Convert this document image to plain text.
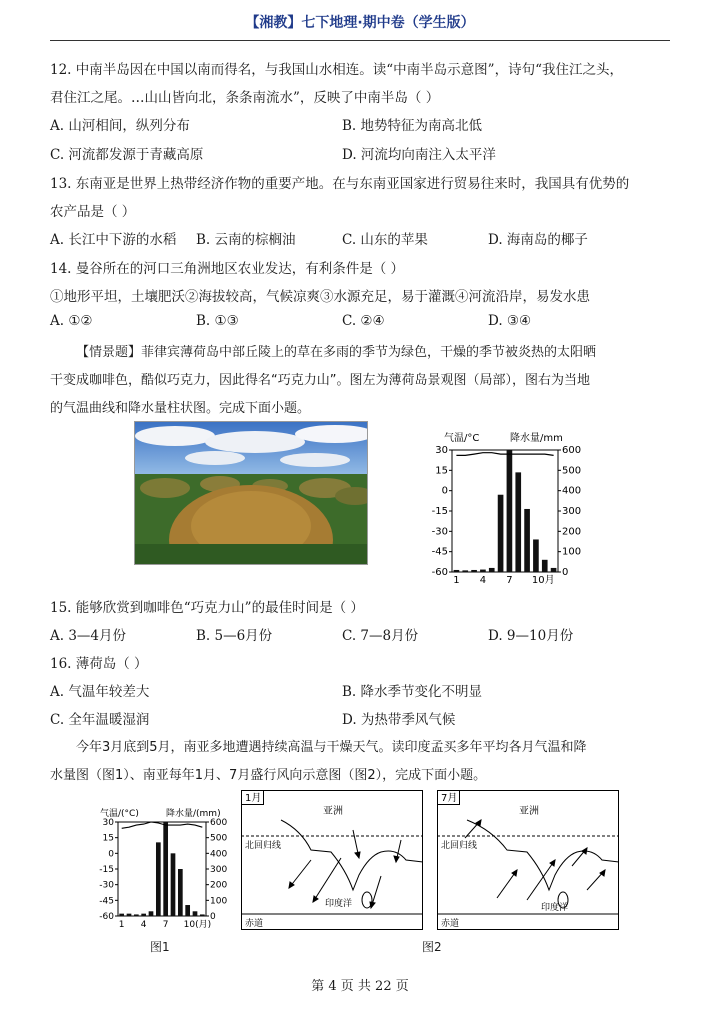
【湘教】七下地理·期中卷（学生版）
12. 中南半岛因在中国以南而得名，与我国山水相连。读“中南半岛示意图”，诗句“我住江之头，
君住江之尾。…山山皆向北，条条南流水”，反映了中南半岛（ ）
A. 山河相间，纵列分布	B. 地势特征为南高北低
C. 河流都发源于青藏高原	D. 河流均向南注入太平洋
13. 东南亚是世界上热带经济作物的重要产地。在与东南亚国家进行贸易往来时，我国具有优势的
农产品是（ ）
A. 长江中下游的水稻 B. 云南的棕榈油	C. 山东的苹果	D. 海南岛的椰子
14. 曼谷所在的河口三角洲地区农业发达，有利条件是（ ）
①地形平坦，土壤肥沃②海拔较高，气候凉爽③水源充足，易于灌溉④河流沿岸，易发水患
A. ①②	B. ①③	C. ②④	D. ③④
【情景题】菲律宾薄荷岛中部丘陵上的草在多雨的季节为绿色，干燥的季节被炎热的太阳晒
干变成咖啡色，酷似巧克力，因此得名“巧克力山”。图左为薄荷岛景观图（局部），图右为当地
的气温曲线和降水量柱状图。完成下面小题。
气温/°C	降水量/mm
30
15
0
-15
-30
-45
-60
600
500
400
300
200
100
0
1 4 7 10月
15. 能够欣赏到咖啡色“巧克力山”的最佳时间是（ ）
A. 3—4月份	B. 5—6月份	C. 7—8月份	D. 9—10月份
16. 薄荷岛（ ）
A. 气温年较差大	B. 降水季节变化不明显
C. 全年温暖湿润	D. 为热带季风气候
今年3月底到5月，南亚多地遭遇持续高温与干燥天气。读印度孟买多年平均各月气温和降
水量图（图1）、南亚每年1月、7月盛行风向示意图（图2），完成下面小题。
气温/(°C)	降水量/(mm)
30
15
0
-15
-30
-45
-60
600
500
400
300
200
100
0
1 4 7 10(月)
图1
1月
亚洲
北回归线
赤道
印度洋
7月
亚洲
北回归线
赤道
印度洋
图2
第 4 页 共 22 页
